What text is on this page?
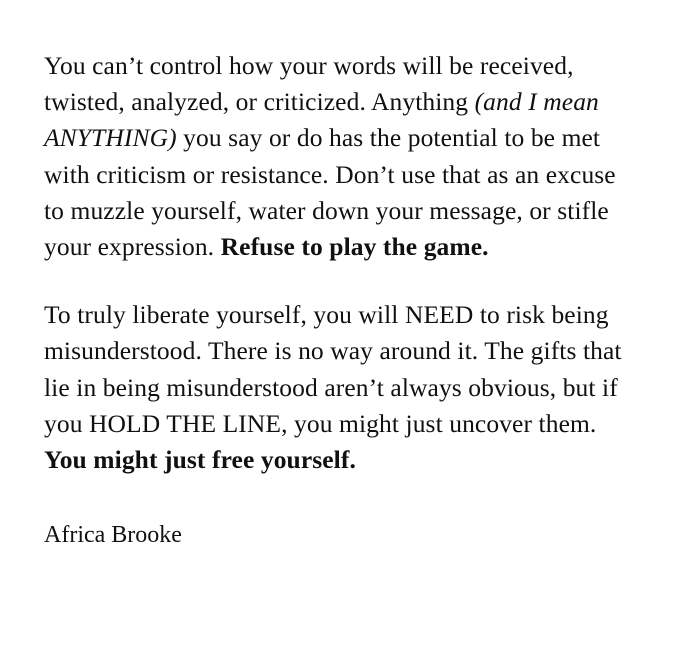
You can’t control how your words will be received, twisted, analyzed, or criticized. Anything (and I mean ANYTHING) you say or do has the potential to be met with criticism or resistance. Don’t use that as an excuse to muzzle yourself, water down your message, or stifle your expression. Refuse to play the game.

To truly liberate yourself, you will NEED to risk being misunderstood. There is no way around it. The gifts that lie in being misunderstood aren’t always obvious, but if you HOLD THE LINE, you might just uncover them. You might just free yourself.

Africa Brooke
